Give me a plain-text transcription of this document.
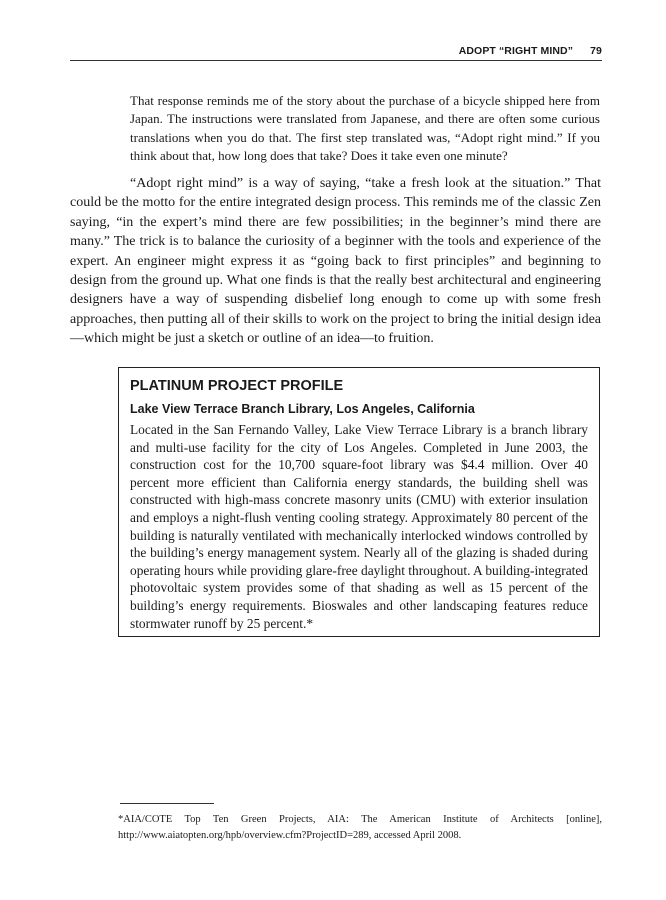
ADOPT “RIGHT MIND” 79

That response reminds me of the story about the purchase of a bicycle shipped here from Japan. The instructions were translated from Japanese, and there are often some curious translations when you do that. The first step translated was, “Adopt right mind.” If you think about that, how long does that take? Does it take even one minute?

“Adopt right mind” is a way of saying, “take a fresh look at the situation.” That could be the motto for the entire integrated design process. This reminds me of the classic Zen saying, “in the expert’s mind there are few possibilities; in the beginner’s mind there are many.” The trick is to balance the curiosity of a beginner with the tools and experience of the expert. An engineer might express it as “going back to first principles” and beginning to design from the ground up. What one finds is that the really best architectural and engineering designers have a way of suspending disbelief long enough to come up with some fresh approaches, then putting all of their skills to work on the project to bring the initial design idea—which might be just a sketch or outline of an idea—to fruition.

PLATINUM PROJECT PROFILE
Lake View Terrace Branch Library, Los Angeles, California

Located in the San Fernando Valley, Lake View Terrace Library is a branch library and multi-use facility for the city of Los Angeles. Completed in June 2003, the construction cost for the 10,700 square-foot library was $4.4 million. Over 40 percent more efficient than California energy standards, the building shell was constructed with high-mass concrete masonry units (CMU) with exterior insulation and employs a night-flush venting cooling strategy. Approximately 80 percent of the building is naturally ventilated with mechanically interlocked windows controlled by the building’s energy management system. Nearly all of the glazing is shaded during operating hours while providing glare-free daylight throughout. A building-integrated photovoltaic system provides some of that shading as well as 15 percent of the building’s energy requirements. Bioswales and other landscaping features reduce stormwater runoff by 25 percent.*

*AIA/COTE Top Ten Green Projects, AIA: The American Institute of Architects [online], http://www.aiatopten.org/hpb/overview.cfm?ProjectID=289, accessed April 2008.
